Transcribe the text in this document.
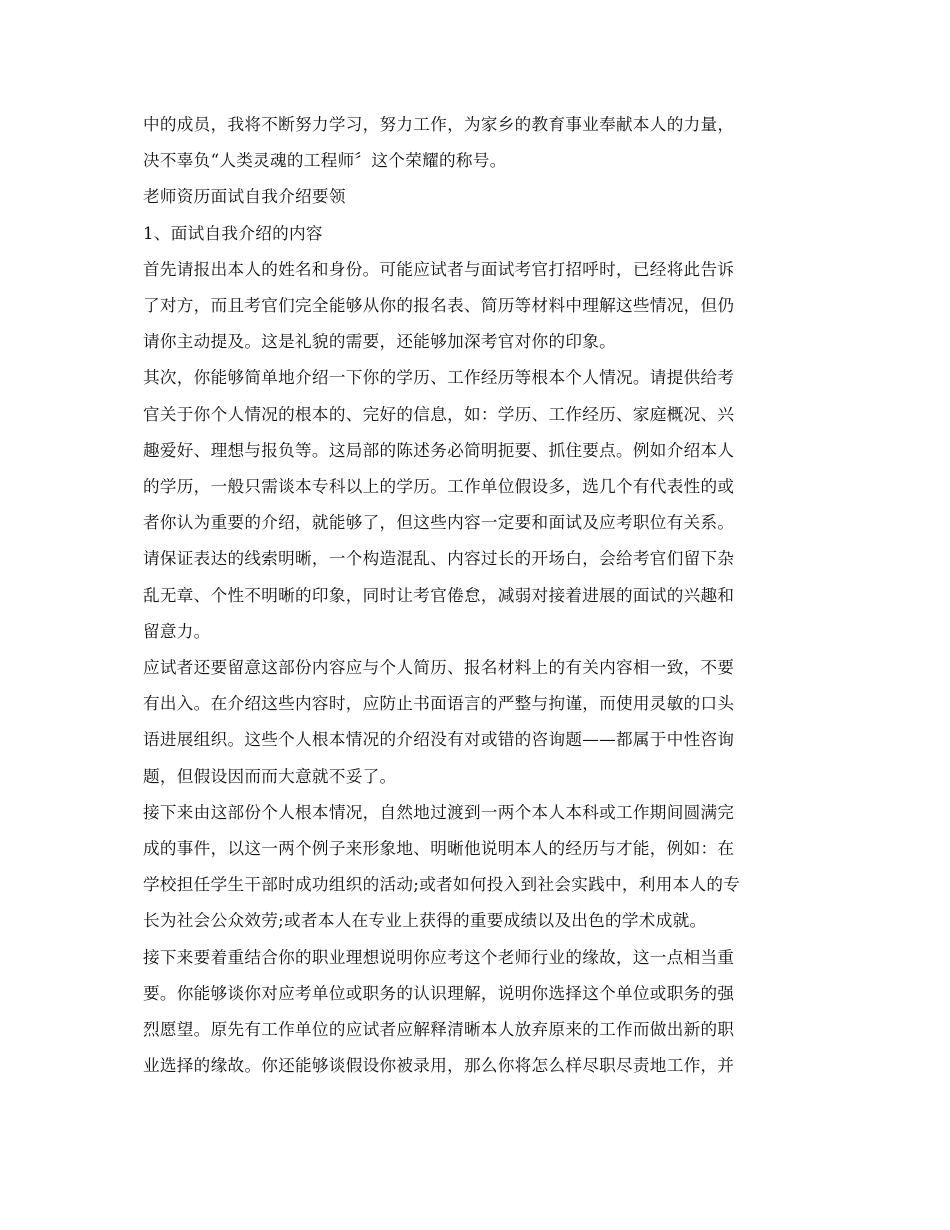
中的成员，我将不断努力学习，努力工作，为家乡的教育事业奉献本人的力量，

决不辜负“人类灵魂的工程师〞这个荣耀的称号。

老师资历面试自我介绍要领

1、面试自我介绍的内容

首先请报出本人的姓名和身份。可能应试者与面试考官打招呼时，已经将此告诉

了对方，而且考官们完全能够从你的报名表、简历等材料中理解这些情况，但仍

请你主动提及。这是礼貌的需要，还能够加深考官对你的印象。

其次，你能够简单地介绍一下你的学历、工作经历等根本个人情况。请提供给考

官关于你个人情况的根本的、完好的信息，如：学历、工作经历、家庭概况、兴

趣爱好、理想与报负等。这局部的陈述务必简明扼要、抓住要点。例如介绍本人

的学历，一般只需谈本专科以上的学历。工作单位假设多，选几个有代表性的或

者你认为重要的介绍，就能够了，但这些内容一定要和面试及应考职位有关系。

请保证表达的线索明晰，一个构造混乱、内容过长的开场白，会给考官们留下杂

乱无章、个性不明晰的印象，同时让考官倦怠，减弱对接着进展的面试的兴趣和

留意力。

应试者还要留意这部份内容应与个人简历、报名材料上的有关内容相一致，不要

有出入。在介绍这些内容时，应防止书面语言的严整与拘谨，而使用灵敏的口头

语进展组织。这些个人根本情况的介绍没有对或错的咨询题——都属于中性咨询

题，但假设因而而大意就不妥了。

接下来由这部份个人根本情况，自然地过渡到一两个本人本科或工作期间圆满完

成的事件，以这一两个例子来形象地、明晰他说明本人的经历与才能，例如：在

学校担任学生干部时成功组织的活动;或者如何投入到社会实践中，利用本人的专

长为社会公众效劳;或者本人在专业上获得的重要成绩以及出色的学术成就。

接下来要着重结合你的职业理想说明你应考这个老师行业的缘故，这一点相当重

要。你能够谈你对应考单位或职务的认识理解，说明你选择这个单位或职务的强

烈愿望。原先有工作单位的应试者应解释清晰本人放弃原来的工作而做出新的职

业选择的缘故。你还能够谈假设你被录用，那么你将怎么样尽职尽责地工作，并
